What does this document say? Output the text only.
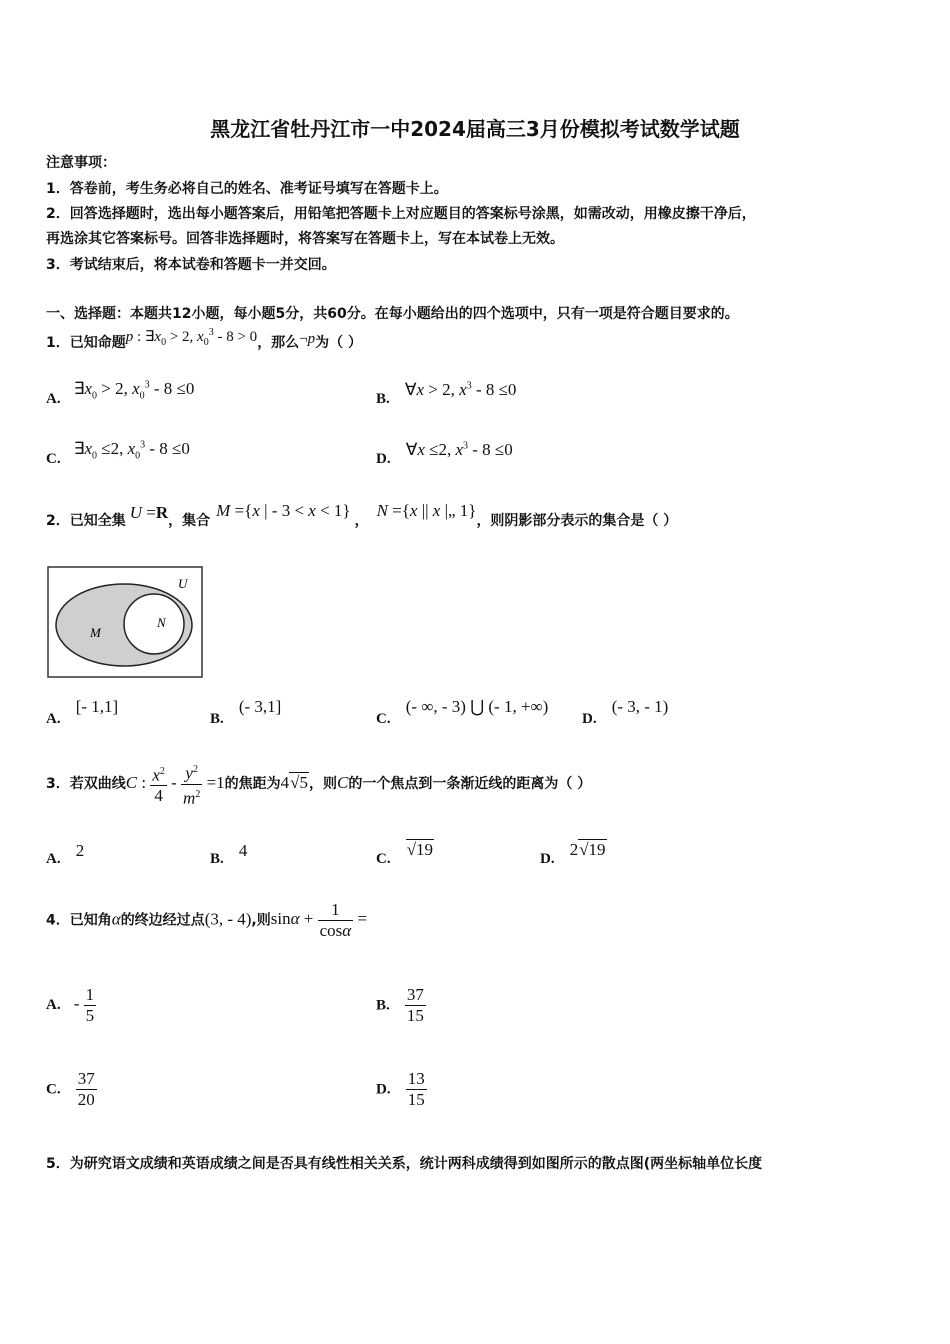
黑龙江省牡丹江市一中2024届高三3月份模拟考试数学试题
注意事项：
1．答卷前，考生务必将自己的姓名、准考证号填写在答题卡上。
2．回答选择题时，选出每小题答案后，用铅笔把答题卡上对应题目的答案标号涂黑，如需改动，用橡皮擦干净后，
再选涂其它答案标号。回答非选择题时，将答案写在答题卡上，写在本试卷上无效。
3．考试结束后，将本试卷和答题卡一并交回。
一、选择题：本题共12小题，每小题5分，共60分。在每小题给出的四个选项中，只有一项是符合题目要求的。
1．已知命题p : $\exists x_0 > 2$, $x_0^3 - 8 > 0$，那么¬p为（ ）
A. $\exists x_0 > 2$, $x_0^3 - 8 \le 0$
B. ∀x > 2, $x^3 - 8 \le 0$
C. $\exists x_0 \le 2$, $x_0^3 - 8 \le 0$
D. ∀x ≤2, $x^3 - 8 \le 0$
2．已知全集 U =R，集合M ={x | - 3 < x < 1}，N ={x || x |„ 1}，则阴影部分表示的集合是（ ）
U
M
N
A. [- 1,1]
B. (- 3,1]
C. (- ∞, - 3) ⋃ (- 1, +∞)
D. (- 3, - 1)
3．若双曲线C : $\frac{x^2}{4} - \frac{y^2}{m^2} =1$的焦距为4√5，则C的一个焦点到一条渐近线的距离为（ ）
A. 2	B. 4	C. √19	D. 2√19
4．已知角α的终边经过点(3, - 4),则$\sin\alpha + \frac{1}{\cos\alpha}$ =
A. - $\frac{1}{5}$	B. $\frac{37}{15}$
C. $\frac{37}{20}$	D. $\frac{13}{15}$
5．为研究语文成绩和英语成绩之间是否具有线性相关关系，统计两科成绩得到如图所示的散点图(两坐标轴单位长度
